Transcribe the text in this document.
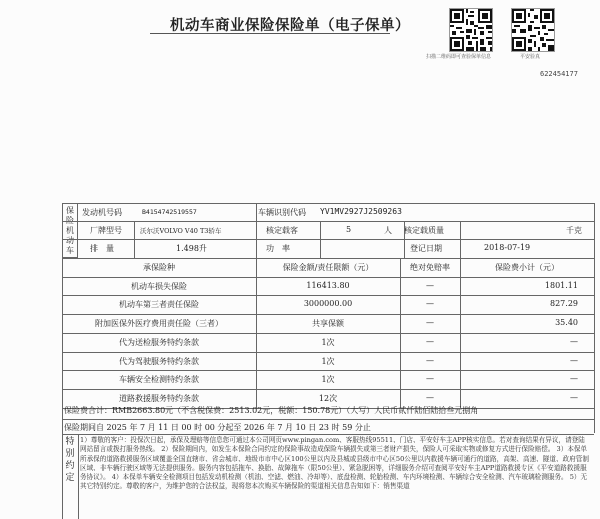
机动车商业保险保险单（电子保单）
扫描二维码即可查验保单信息	平安验真
622454177
保险机动车
发动机号码	B4154742519557	车辆识别代码 YV1MV2927J2509263
厂牌型号	沃尔沃VOLVO V40 T3轿车	核定载客	5	人 核定载质量	千克
排　量	1.498升	功　率	登记日期	2018-07-19
承保险种	保险金额/责任限额（元）	绝对免赔率	保险费小计（元）
机动车损失保险	116413.80	—	1801.11
机动车第三者责任保险	3000000.00	—	827.29
附加医保外医疗费用责任险（三者）	共享保额	—	35.40
代为送检服务特约条款	1次	—	—
代为驾驶服务特约条款	1次	—	—
车辆安全检测特约条款	1次	—	—
道路救援服务特约条款	12次	—	—
保险费合计：RMB2663.80元（不含税保费：2513.02元，税额：150.78元）（大写）人民币贰仟陆佰陆拾叁元捌角
保险期间自 2025 年 7 月 11 日 00 时 00 分起至 2026 年 7 月 10 日 23 时 59 分止
特别约定
1）尊敬的客户：投保次日起，承保及理赔等信息您可通过本公司网页www.pingan.com、客服热线95511、门店、平安好车主APP核实信息。若对查询结果有异议，请登陆网站留言或拨打服务热线。 2）保险期间内，如发生本保险合同约定的保险事故造成保险车辆损失或第三者财产损失，保险人可采取实物或修复方式进行保险赔偿。 3）本保单所承保的道路救援服务区域覆盖全国直辖市、省会城市、地级市市中心区100公里以内及县城或县级市中心区50公里以内救援车辆可通行的道路，高架、高速、隧道、政府管制区域、非车辆行驶区域等无法提供服务。服务内容包括拖车、换胎、故障拖车（限50公里）、紧急脱困等，详细服务介绍可查阅平安好车主APP道路救援专区《平安道路救援服务协议》。 4）本保单车辆安全检测项目包括发动机检测（机油、空滤、燃油、冷却等）、底盘检测、轮胎检测、车内环境检测、车辆综合安全检测、汽车玻璃检测服务。 5）无其它特别约定。尊敬的客户，为维护您的合法权益，现将您本次购买车辆保险的渠道相关信息告知如下：销售渠道
